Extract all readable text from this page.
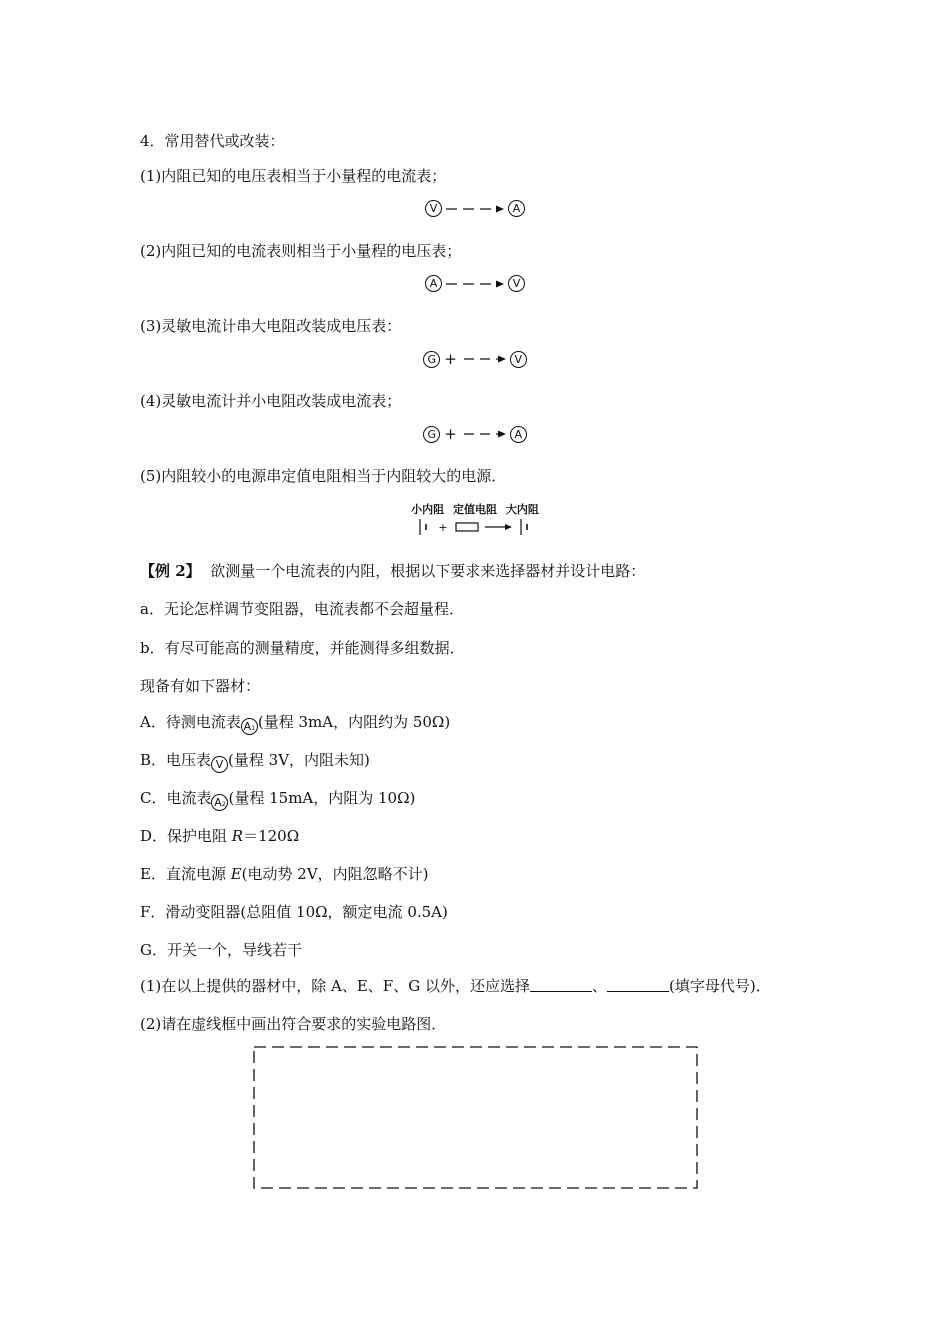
4．常用替代或改装：
(1)内阻已知的电压表相当于小量程的电流表；
V	A
(2)内阻已知的电流表则相当于小量程的电压表；
A	V
(3)灵敏电流计串大电阻改装成电压表：
G +	V
(4)灵敏电流计并小电阻改装成电流表；
G +	A
(5)内阻较小的电源串定值电阻相当于内阻较大的电源．
小内阻 定值电阻 大内阻
+
【例 2】 欲测量一个电流表的内阻，根据以下要求来选择器材并设计电路：
a．无论怎样调节变阻器，电流表都不会超量程．
b．有尽可能高的测量精度，并能测得多组数据．
现备有如下器材：
A．待测电流表 $A_1$ (量程 3mA，内阻约为 50Ω)
B．电压表 V (量程 3V，内阻未知)
C．电流表 $A_2$ (量程 15mA，内阻为 10Ω)
D．保护电阻 R＝120Ω
E．直流电源 E(电动势 2V，内阻忽略不计)
F．滑动变阻器(总阻值 10Ω，额定电流 0.5A)
G．开关一个，导线若干
(1)在以上提供的器材中，除 A、E、F、G 以外，还应选择	、	(填字母代号)．
(2)请在虚线框中画出符合要求的实验电路图．
